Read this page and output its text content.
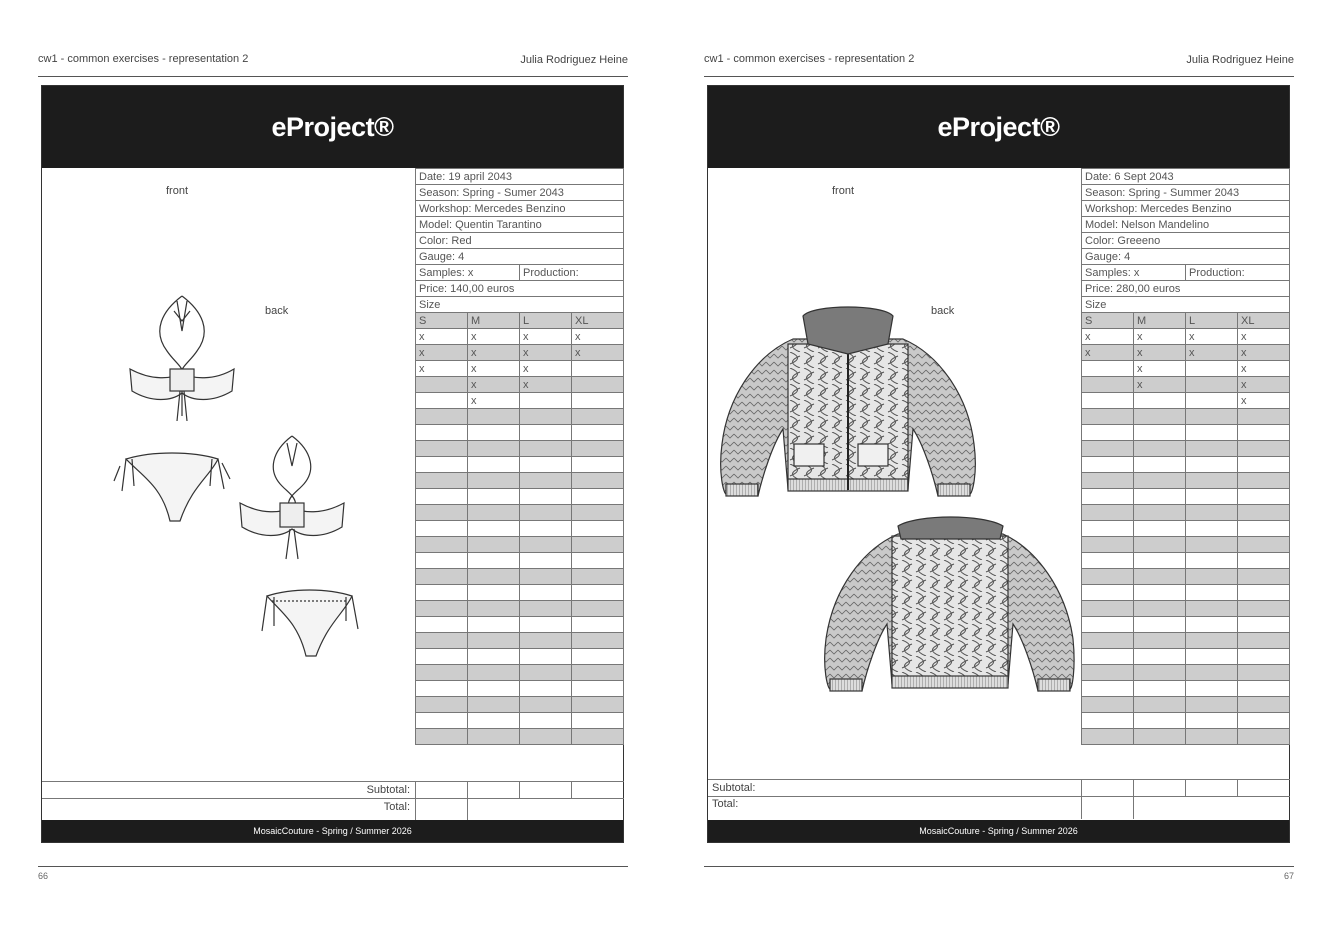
cw1 - common exercises - representation 2	Julia Rodriguez Heine
eProject®
front
back
Date: 19 april 2043			
Season: Spring - Sumer 2043			
Workshop: Mercedes Benzino			
Model: Quentin Tarantino			
Color: Red			
Gauge: 4			
Samples: x		Production:	
Price: 140,00 euros			
Size			
S	M	L	XL
x	x	x	x
x	x	x	x
x	x	x	
	x	x	
	x		

Subtotal:
Total:
MosaicCouture - Spring / Summer 2026
66
cw1 - common exercises - representation 2	Julia Rodriguez Heine
eProject®
front
back
Date: 6 Sept 2043			
Season: Spring - Summer 2043			
Workshop: Mercedes Benzino			
Model: Nelson Mandelino			
Color: Greeeno			
Gauge: 4			
Samples: x		Production:	
Price: 280,00 euros			
Size			
S	M	L	XL
x	x	x	x
x	x	x	x
	x		x
	x		x
			x

Subtotal:
Total:
MosaicCouture - Spring / Summer 2026
67
